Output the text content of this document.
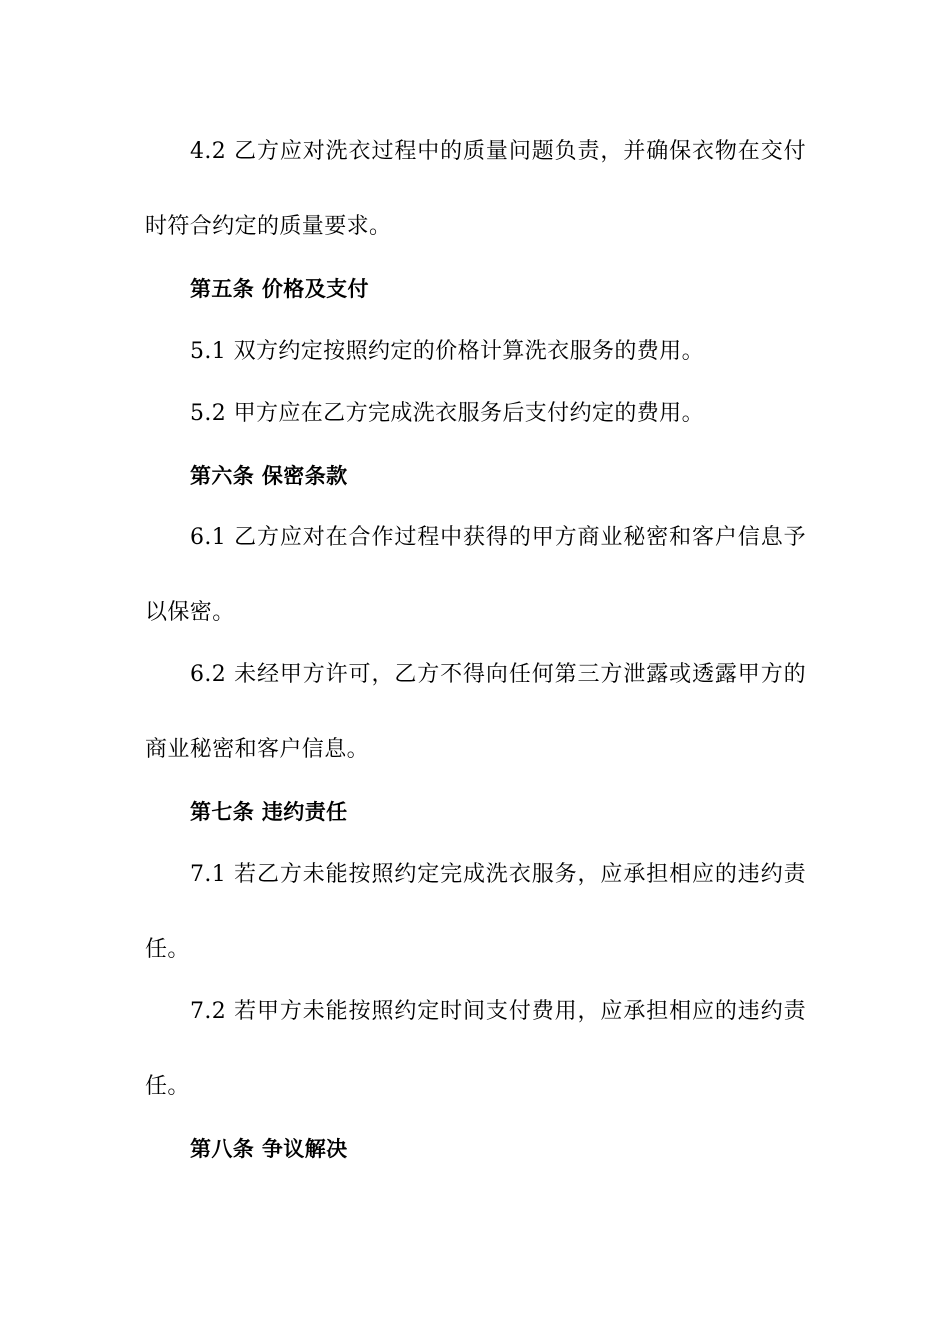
4.2 乙方应对洗衣过程中的质量问题负责，并确保衣物在交付
时符合约定的质量要求。
第五条 价格及支付
5.1 双方约定按照约定的价格计算洗衣服务的费用。
5.2 甲方应在乙方完成洗衣服务后支付约定的费用。
第六条 保密条款
6.1 乙方应对在合作过程中获得的甲方商业秘密和客户信息予
以保密。
6.2 未经甲方许可，乙方不得向任何第三方泄露或透露甲方的
商业秘密和客户信息。
第七条 违约责任
7.1 若乙方未能按照约定完成洗衣服务，应承担相应的违约责
任。
7.2 若甲方未能按照约定时间支付费用，应承担相应的违约责
任。
第八条 争议解决
